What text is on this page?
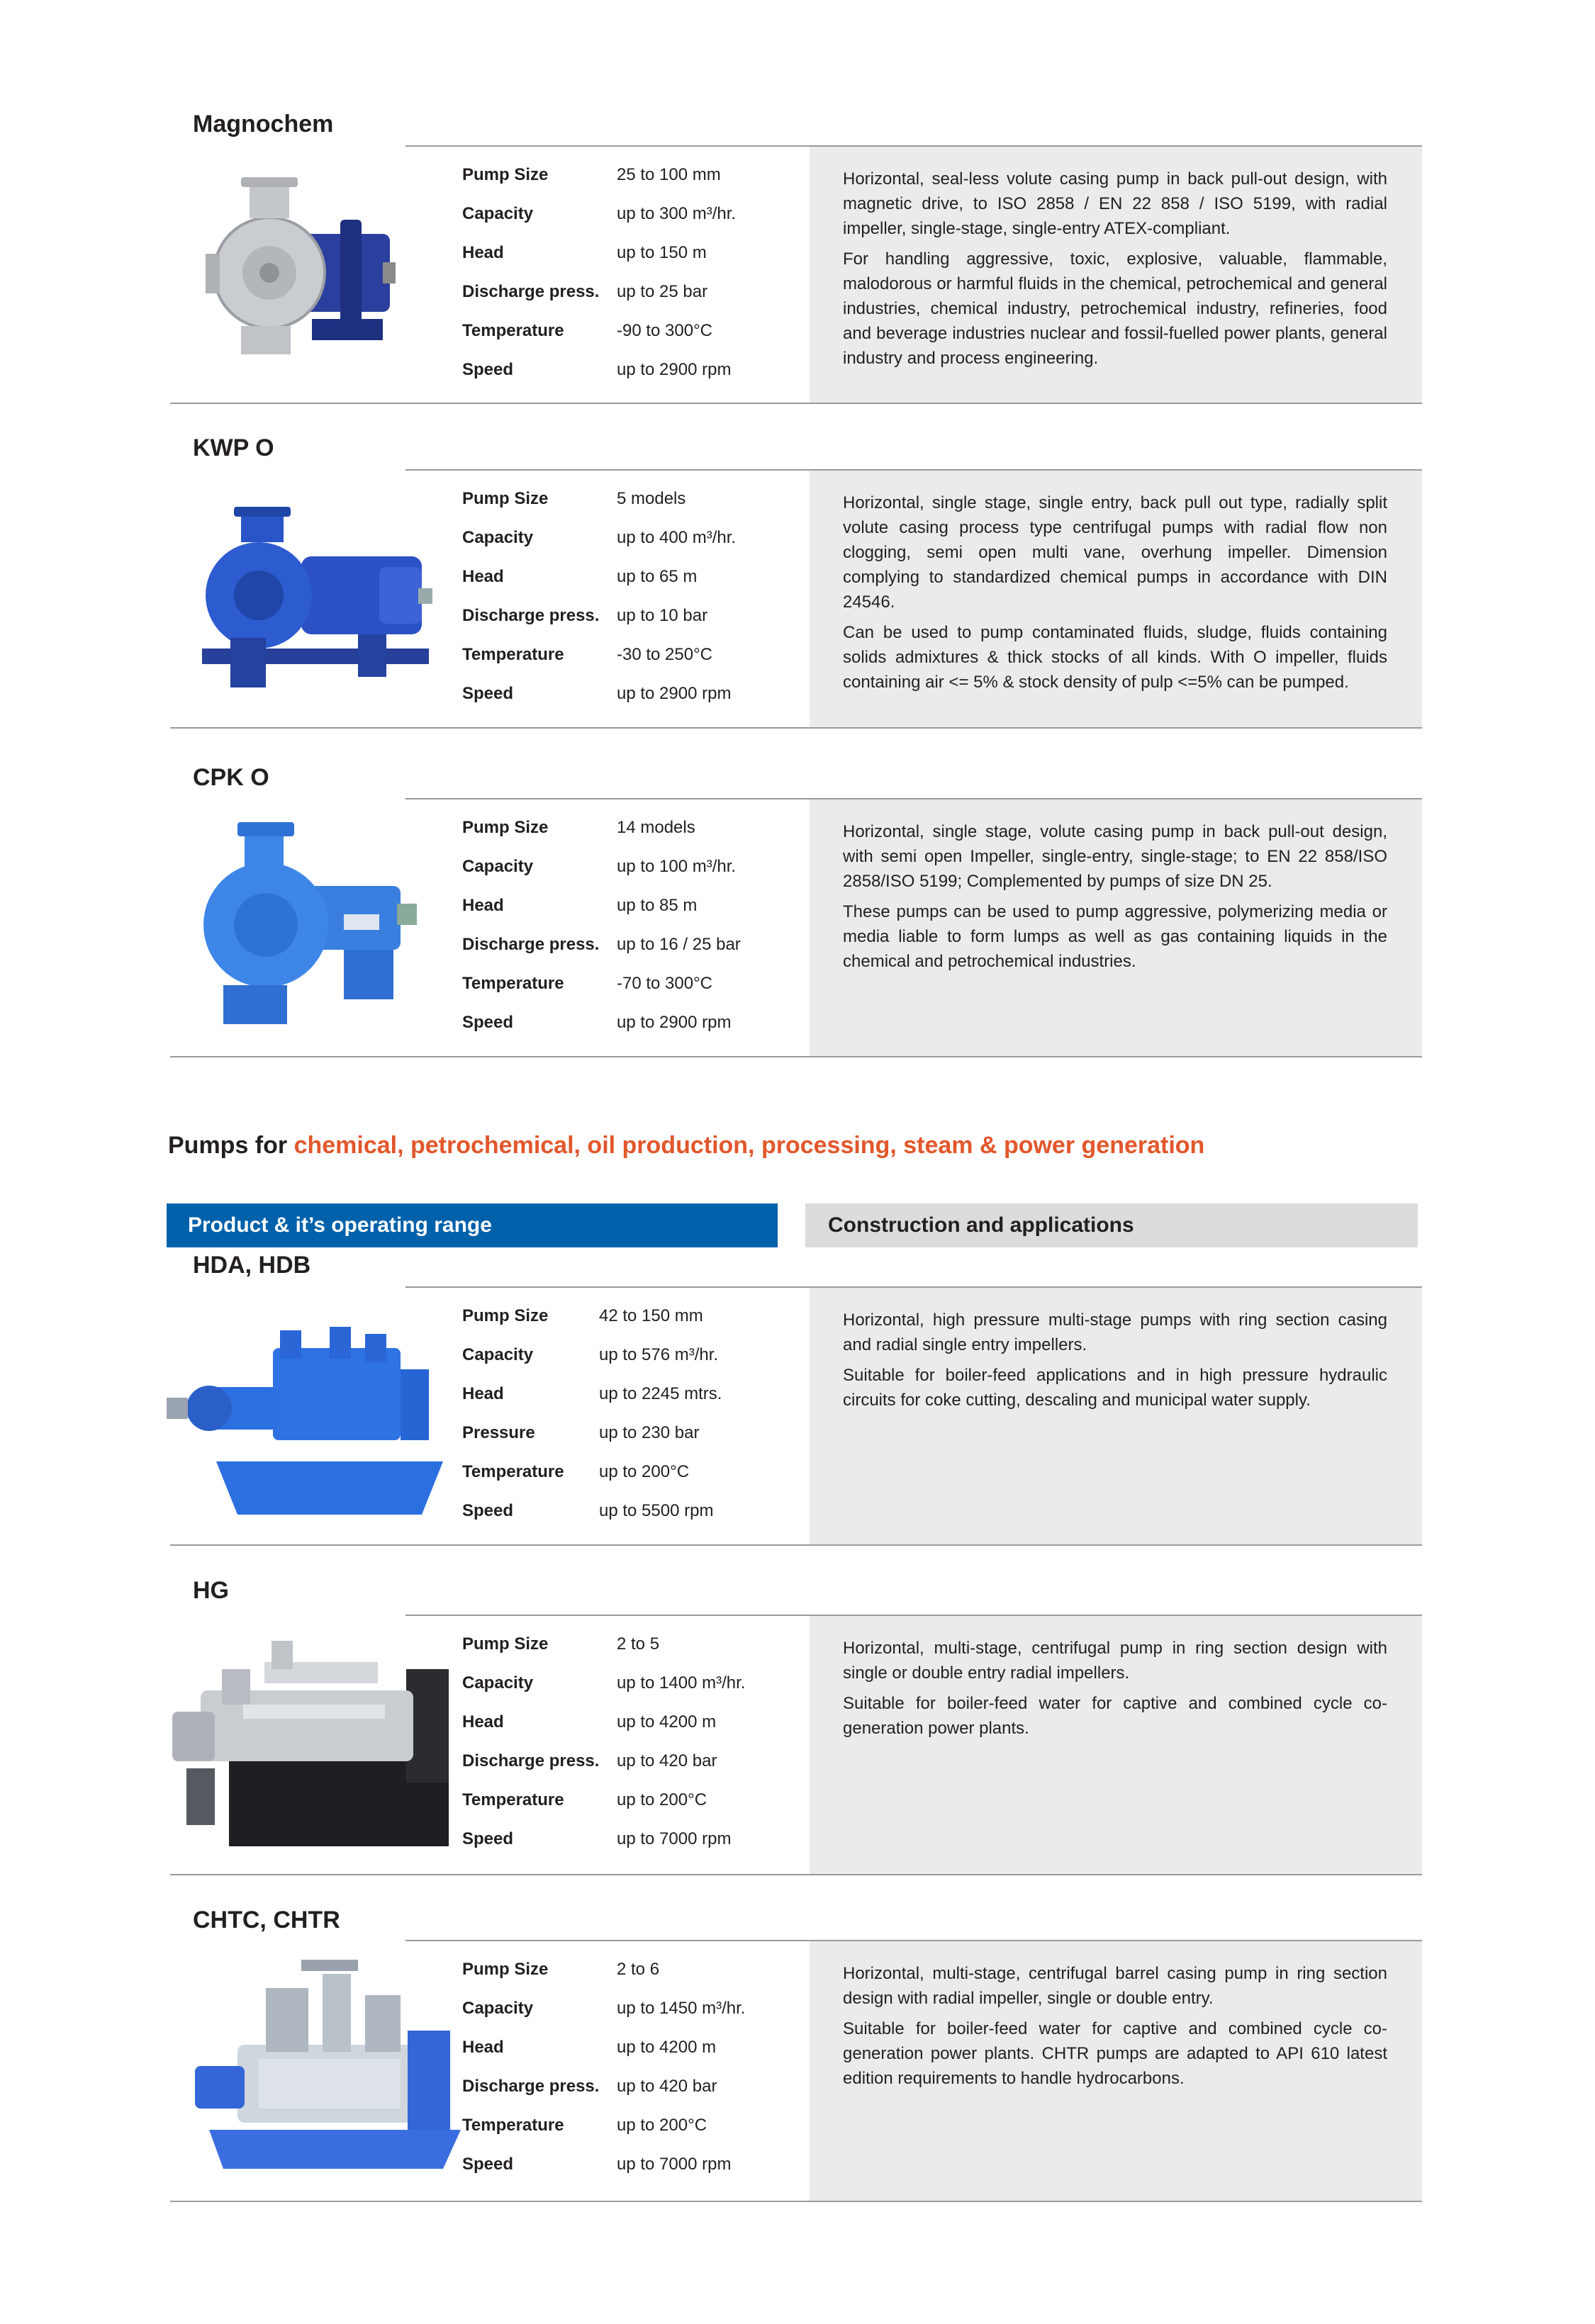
Magnochem
Pump Size
Capacity
Head
Discharge press.
Temperature
Speed
25 to 100 mm
up to 300 m³/hr.
up to 150 m
up to 25 bar
-90 to 300°C
up to 2900 rpm

Horizontal, seal-less volute casing pump in back pull-out design, with magnetic drive, to ISO 2858 / EN 22 858 / ISO 5199, with radial impeller, single-stage, single-entry ATEX-compliant.

For handling aggressive, toxic, explosive, valuable, flammable, malodorous or harmful fluids in the chemical, petrochemical and general industries, chemical industry, petrochemical industry, refineries, food and beverage industries nuclear and fossil-fuelled power plants, general industry and process engineering.

KWP O
Pump Size
Capacity
Head
Discharge press.
Temperature
Speed
5 models
up to 400 m³/hr.
up to 65 m
up to 10 bar
-30 to 250°C
up to 2900 rpm

Horizontal, single stage, single entry, back pull out type, radially split volute casing process type centrifugal pumps with radial flow non clogging, semi open multi vane, overhung impeller. Dimension complying to standardized chemical pumps in accordance with DIN 24546.

Can be used to pump contaminated fluids, sludge, fluids containing solids admixtures & thick stocks of all kinds. With O impeller, fluids containing air <= 5% & stock density of pulp <=5% can be pumped.

CPK O
Pump Size
Capacity
Head
Discharge press.
Temperature
Speed
14 models
up to 100 m³/hr.
up to 85 m
up to 16 / 25 bar
-70 to 300°C
up to 2900 rpm

Horizontal, single stage, volute casing pump in back pull-out design, with semi open Impeller, single-entry, single-stage; to EN 22 858/ISO 2858/ISO 5199; Complemented by pumps of size DN 25.

These pumps can be used to pump aggressive, polymerizing media or media liable to form lumps as well as gas containing liquids in the chemical and petrochemical industries.

Pumps for chemical, petrochemical, oil production, processing, steam & power generation
Product & it’s operating range	Construction and applications
HDA, HDB
Pump Size
Capacity
Head
Pressure
Temperature
Speed
42 to 150 mm
up to 576 m³/hr.
up to 2245 mtrs.
up to 230 bar
up to 200°C
up to 5500 rpm

Horizontal, high pressure multi-stage pumps with ring section casing and radial single entry impellers.

Suitable for boiler-feed applications and in high pressure hydraulic circuits for coke cutting, descaling and municipal water supply.

HG
Pump Size
Capacity
Head
Discharge press.
Temperature
Speed
2 to 5
up to 1400 m³/hr.
up to 4200 m
up to 420 bar
up to 200°C
up to 7000 rpm

Horizontal, multi-stage, centrifugal pump in ring section design with single or double entry radial impellers.

Suitable for boiler-feed water for captive and combined cycle co-generation power plants.

CHTC, CHTR
Pump Size
Capacity
Head
Discharge press.
Temperature
Speed
2 to 6
up to 1450 m³/hr.
up to 4200 m
up to 420 bar
up to 200°C
up to 7000 rpm

Horizontal, multi-stage, centrifugal barrel casing pump in ring section design with radial impeller, single or double entry.

Suitable for boiler-feed water for captive and combined cycle co-generation power plants. CHTR pumps are adapted to API 610 latest edition requirements to handle hydrocarbons.
